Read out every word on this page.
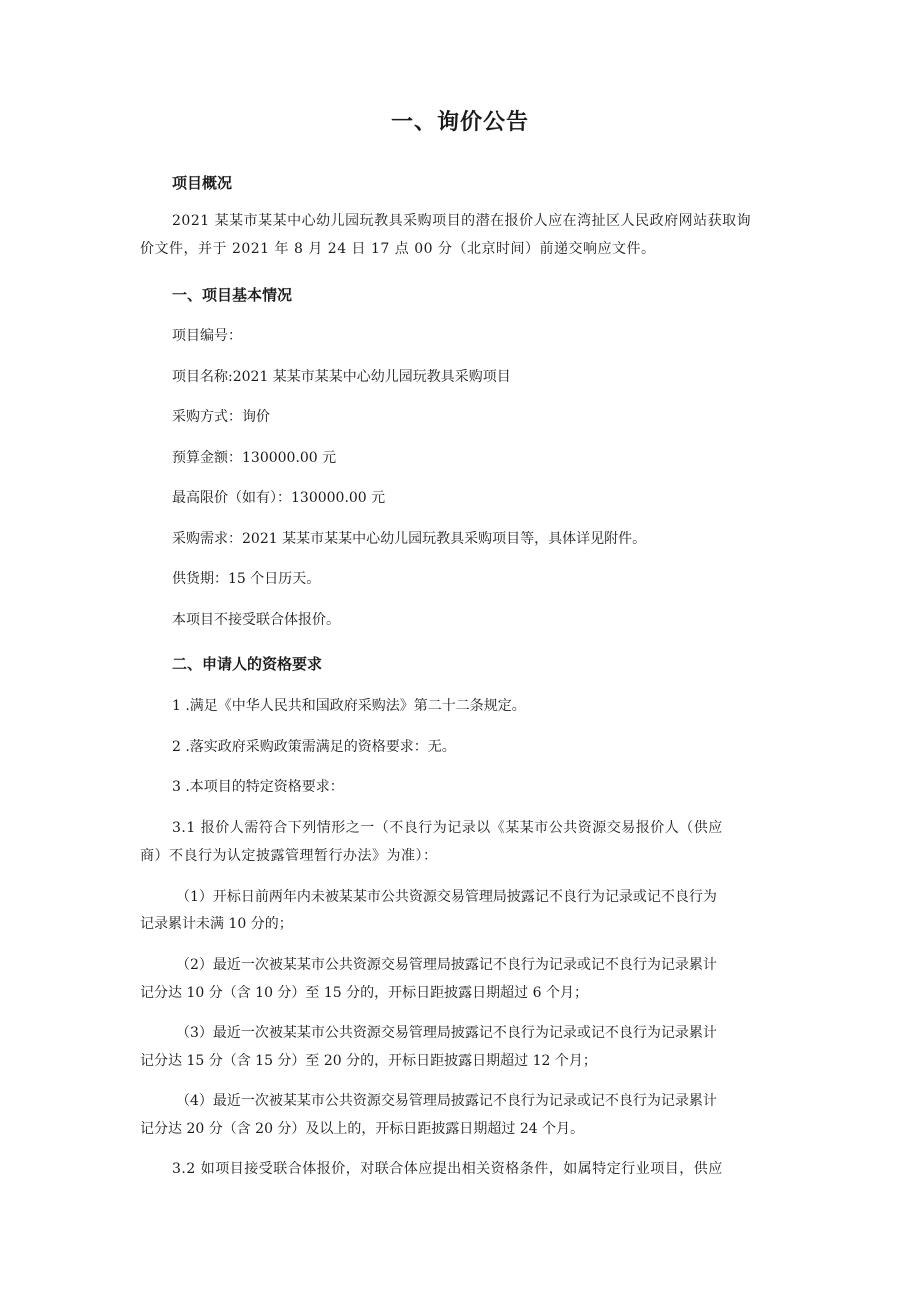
一、询价公告
项目概况
2021 某某市某某中心幼儿园玩教具采购项目的潜在报价人应在湾扯区人民政府网站获取询
价文件，并于 2021 年 8 月 24 日 17 点 00 分（北京时间）前递交响应文件。
一、项目基本情况
项目编号：
项目名称:2021 某某市某某中心幼儿园玩教具采购项目
采购方式：询价
预算金额：130000.00 元
最高限价（如有）：130000.00 元
采购需求：2021 某某市某某中心幼儿园玩教具采购项目等，具体详见附件。
供货期：15 个日历天。
本项目不接受联合体报价。
二、申请人的资格要求
1 .满足《中华人民共和国政府采购法》第二十二条规定。
2 .落实政府采购政策需满足的资格要求：无。
3 .本项目的特定资格要求：
3.1 报价人需符合下列情形之一（不良行为记录以《某某市公共资源交易报价人（供应
商）不良行为认定披露管理暂行办法》为准）：
（1）开标日前两年内未被某某市公共资源交易管理局披露记不良行为记录或记不良行为
记录累计未满 10 分的；
（2）最近一次被某某市公共资源交易管理局披露记不良行为记录或记不良行为记录累计
记分达 10 分（含 10 分）至 15 分的，开标日距披露日期超过 6 个月；
（3）最近一次被某某市公共资源交易管理局披露记不良行为记录或记不良行为记录累计
记分达 15 分（含 15 分）至 20 分的，开标日距披露日期超过 12 个月；
（4）最近一次被某某市公共资源交易管理局披露记不良行为记录或记不良行为记录累计
记分达 20 分（含 20 分）及以上的，开标日距披露日期超过 24 个月。
3.2 如项目接受联合体报价，对联合体应提出相关资格条件，如属特定行业项目，供应
